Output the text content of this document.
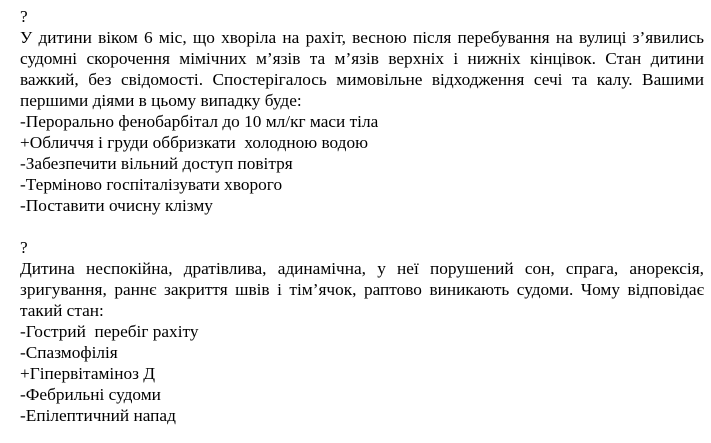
?
У дитини віком 6 міс, що хворіла на рахіт, весною після перебування на вулиці з’явились судомні скорочення мімічних м’язів та м’язів верхніх і нижніх кінцівок. Стан дитини важкий, без свідомості. Спостерігалось мимовільне відходження сечі та калу. Вашими першими діями в цьому випадку буде:
-Перорально фенобарбітал до 10 мл/кг маси тіла
+Обличчя і груди оббризкати  холодною водою
-Забезпечити вільний доступ повітря
-Терміново госпіталізувати хворого
-Поставити очисну клізму
?
Дитина неспокійна, дратівлива, адинамічна, у неї порушений сон, спрага, анорексія, зригування, раннє закриття швів і тім’ячок, раптово виникають судоми. Чому відповідає такий стан:
-Гострий  перебіг рахіту
-Спазмофілія
+Гіпервітаміноз Д
-Фебрильні судоми
-Епілептичний напад
